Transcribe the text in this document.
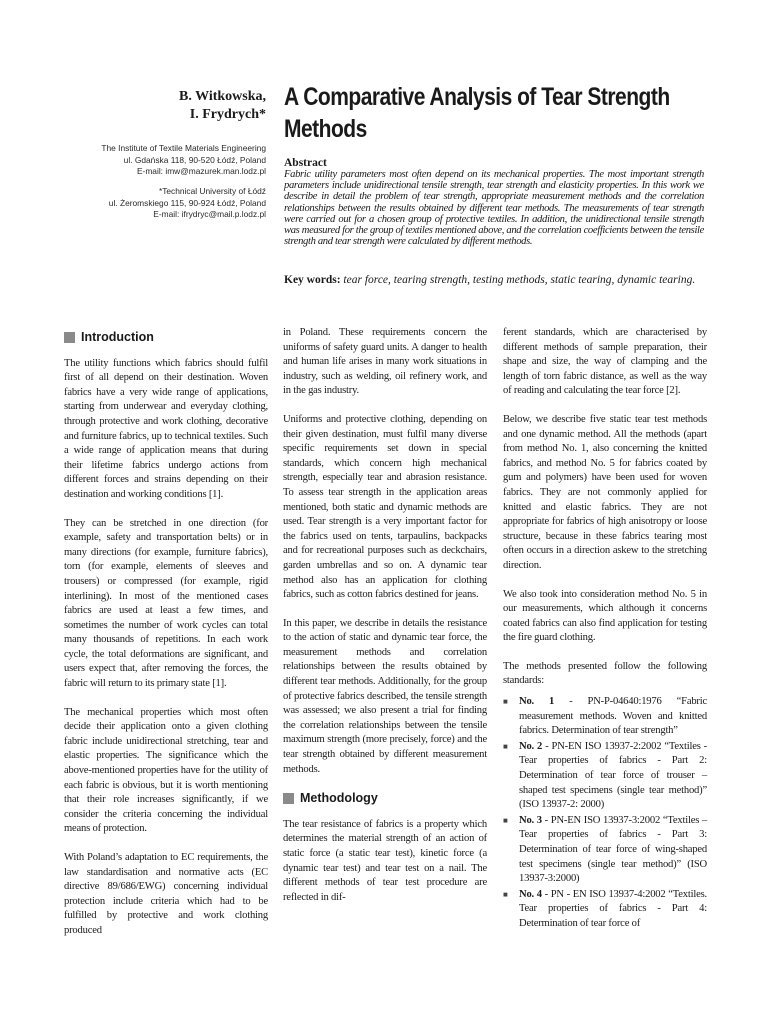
B. Witkowska,
I. Frydrych*
The Institute of Textile Materials Engineering
ul. Gdańska 118, 90-520 Łódź, Poland
E-mail: imw@mazurek.man.lodz.pl
*Technical University of Łódź
ul. Żeromskiego 115, 90-924 Łódź, Poland
E-mail: ifrydryc@mail.p.lodz.pl
A Comparative Analysis of Tear Strength Methods
Abstract
Fabric utility parameters most often depend on its mechanical properties. The most important strength parameters include unidirectional tensile strength, tear strength and elasticity properties. In this work we describe in detail the problem of tear strength, appropriate measurement methods and the correlation relationships between the results obtained by different tear methods. The measurements of tear strength were carried out for a chosen group of protective textiles. In addition, the unidirectional tensile strength was measured for the group of textiles mentioned above, and the correlation coefficients between the tensile strength and tear strength were calculated by different methods.
Key words: tear force, tearing strength, testing methods, static tearing, dynamic tearing.
Introduction

The utility functions which fabrics should fulfil first of all depend on their destination. Woven fabrics have a very wide range of applications, starting from underwear and everyday clothing, through protective and work clothing, decorative and furniture fabrics, up to technical textiles. Such a wide range of application means that during their lifetime fabrics undergo actions from different forces and strains depending on their destination and working conditions [1].

They can be stretched in one direction (for example, safety and transportation belts) or in many directions (for example, furniture fabrics), torn (for example, elements of sleeves and trousers) or compressed (for example, rigid interlining). In most of the mentioned cases fabrics are used at least a few times, and sometimes the number of work cycles can total many thousands of repetitions. In each work cycle, the total deformations are significant, and users expect that, after removing the forces, the fabric will return to its primary state [1].

The mechanical properties which most often decide their application onto a given clothing fabric include unidirectional stretching, tear and elastic properties. The significance which the above-mentioned properties have for the utility of each fabric is obvious, but it is worth mentioning that their role increases significantly, if we consider the criteria concerning the individual means of protection.

With Poland’s adaptation to EC requirements, the law standardisation and normative acts (EC directive 89/686/EWG) concerning individual protection include criteria which had to be fulfilled by protective and work clothing produced

in Poland. These requirements concern the uniforms of safety guard units. A danger to health and human life arises in many work situations in industry, such as welding, oil refinery work, and in the gas industry.

Uniforms and protective clothing, depending on their given destination, must fulfil many diverse specific requirements set down in special standards, which concern high mechanical strength, especially tear and abrasion resistance. To assess tear strength in the application areas mentioned, both static and dynamic methods are used. Tear strength is a very important factor for the fabrics used on tents, tarpaulins, backpacks and for recreational purposes such as deckchairs, garden umbrellas and so on. A dynamic tear method also has an application for clothing fabrics, such as cotton fabrics destined for jeans.

In this paper, we describe in details the resistance to the action of static and dynamic tear force, the measurement methods and correlation relationships between the results obtained by different tear methods. Additionally, for the group of protective fabrics described, the tensile strength was assessed; we also present a trial for finding the correlation relationships between the tensile maximum strength (more precisely, force) and the tear strength obtained by different measurement methods.

Methodology

The tear resistance of fabrics is a property which determines the material strength of an action of static force (a static tear test), kinetic force (a dynamic tear test) and tear test on a nail. The different methods of tear test procedure are reflected in dif-

ferent standards, which are characterised by different methods of sample preparation, their shape and size, the way of clamping and the length of torn fabric distance, as well as the way of reading and calculating the tear force [2].

Below, we describe five static tear test methods and one dynamic method. All the methods (apart from method No. 1, also concerning the knitted fabrics, and method No. 5 for fabrics coated by gum and polymers) have been used for woven fabrics. They are not commonly applied for knitted and elastic fabrics. They are not appropriate for fabrics of high anisotropy or loose structure, because in these fabrics tearing most often occurs in a direction askew to the stretching direction.

We also took into consideration method No. 5 in our measurements, which although it concerns coated fabrics can also find application for testing the fire guard clothing.

The methods presented follow the following standards:

■	No. 1 - PN-P-04640:1976 “Fabric measurement methods. Woven and knitted fabrics. Determination of tear strength”
■	No. 2 - PN-EN ISO 13937-2:2002 “Textiles - Tear properties of fabrics - Part 2: Determination of tear force of trouser – shaped test specimens (single tear method)” (ISO 13937-2: 2000)
■	No. 3 - PN-EN ISO 13937-3:2002 “Textiles – Tear properties of fabrics - Part 3: Determination of tear force of wing-shaped test specimens (single tear method)” (ISO 13937-3:2000)
■	No. 4 - PN - EN ISO 13937-4:2002 “Textiles. Tear properties of fabrics - Part 4: Determination of tear force of
